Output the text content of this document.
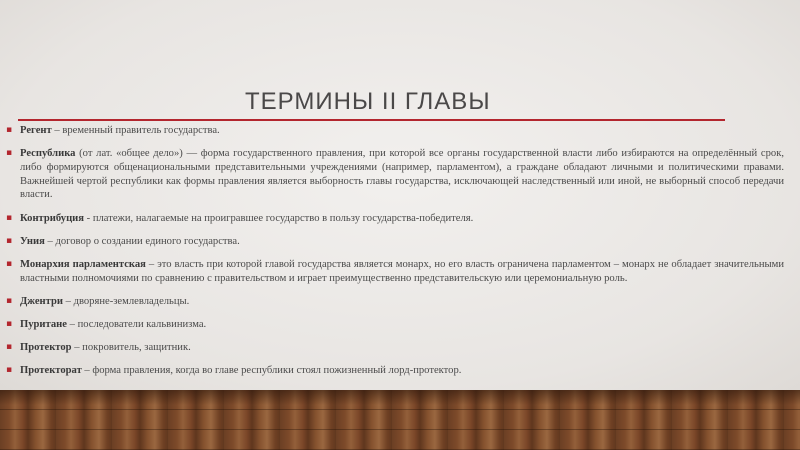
ТЕРМИНЫ II ГЛАВЫ
▪ Регент – временный правитель государства.
▪ Республика (от лат. «общее дело») — форма государственного правления, при которой все органы государственной власти либо избираются на определённый срок, либо формируются общенациональными представительными учреждениями (например, парламентом), а граждане обладают личными и политическими правами. Важнейшей чертой республики как формы правления является выборность главы государства, исключающей наследственный или иной, не выборный способ передачи власти.
▪ Контрибуция - платежи, налагаемые на проигравшее государство в пользу государства-победителя.
▪ Уния – договор о создании единого государства.
▪ Монархия парламентская – это власть при которой главой государства является монарх, но его власть ограничена парламентом – монарх не обладает значительными властными полномочиями по сравнению с правительством и играет преимущественно представительскую или церемониальную роль.
▪ Джентри – дворяне-землевладельцы.
▪ Пуритане – последователи кальвинизма.
▪ Протектор – покровитель, защитник.
▪ Протекторат – форма правления, когда во главе республики стоял пожизненный лорд-протектор.
